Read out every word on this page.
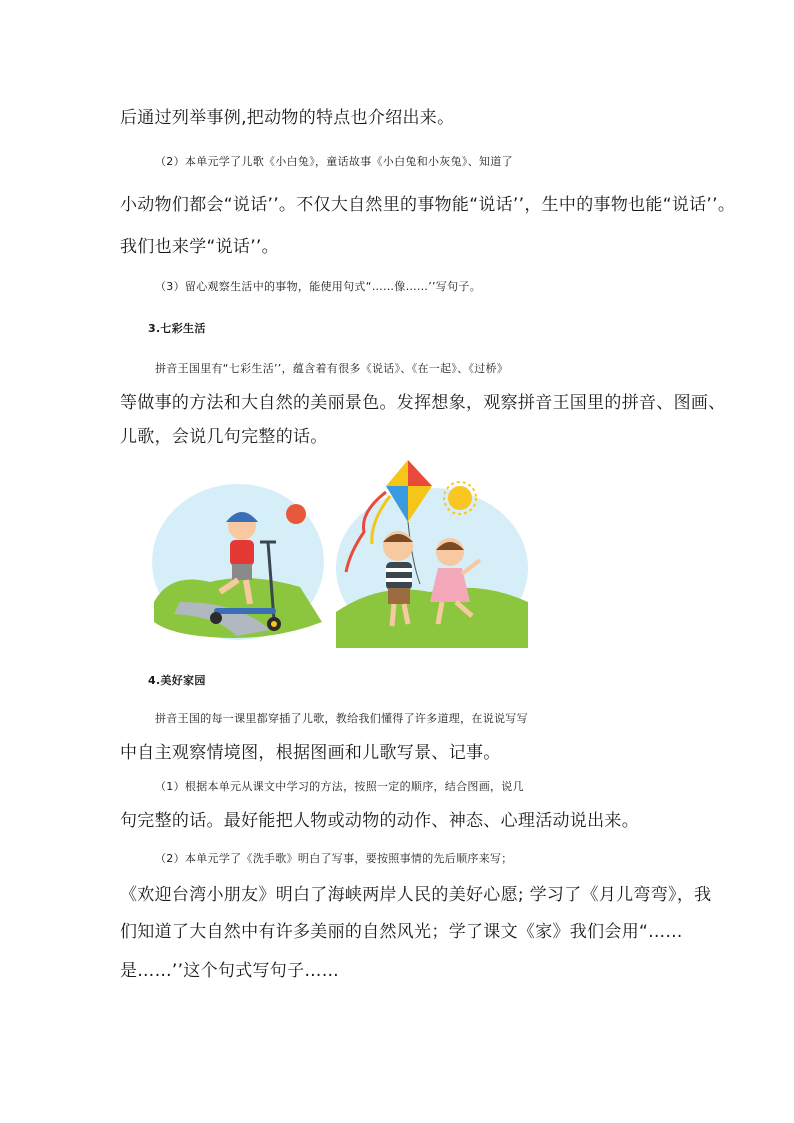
后通过列举事例,把动物的特点也介绍出来。
（2）本单元学了儿歌《小白兔》，童话故事《小白兔和小灰兔》、知道了
小动物们都会“说话’’。不仅大自然里的事物能“说话’’，生中的事物也能“说话’’。
我们也来学“说话’’。
（3）留心观察生活中的事物，能使用句式“……像……’’写句子。
3.七彩生活
拼音王国里有“七彩生活’’，蕴含着有很多《说话》、《在一起》、《过桥》
等做事的方法和大自然的美丽景色。发挥想象，观察拼音王国里的拼音、图画、
儿歌，会说几句完整的话。
4.美好家园
拼音王国的每一课里都穿插了儿歌，教给我们懂得了许多道理，在说说写写
中自主观察情境图，根据图画和儿歌写景、记事。
（1）根据本单元从课文中学习的方法，按照一定的顺序，结合图画，说几
句完整的话。最好能把人物或动物的动作、神态、心理活动说出来。
（2）本单元学了《洗手歌》明白了写事，要按照事情的先后顺序来写；
《欢迎台湾小朋友》明白了海峡两岸人民的美好心愿; 学习了《月儿弯弯》，我
们知道了大自然中有许多美丽的自然风光；学了课文《家》我们会用“……
是……’’这个句式写句子……
